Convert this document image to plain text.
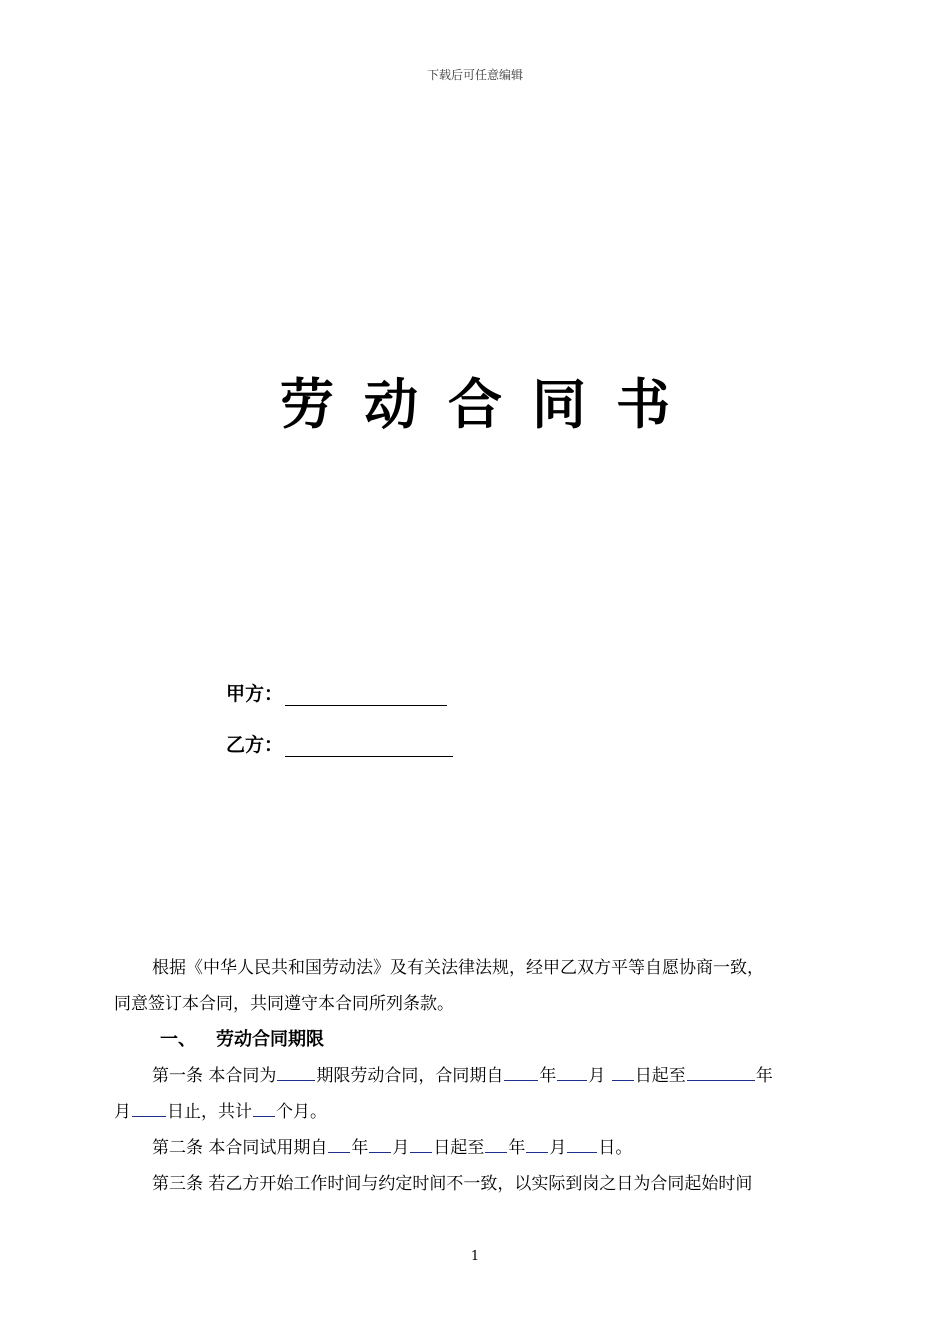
下载后可任意编辑
劳动合同书
甲方：
乙方：

根据《中华人民共和国劳动法》及有关法律法规，经甲乙双方平等自愿协商一致，

同意签订本合同，共同遵守本合同所列条款。

一、 劳动合同期限

第一条 本合同为 期限劳动合同，合同期自 年 月 日起至	年

月 日止，共计 个月。

第二条 本合同试用期自 年 月 日起至 年 月 日。

第三条 若乙方开始工作时间与约定时间不一致，以实际到岗之日为合同起始时间

1
